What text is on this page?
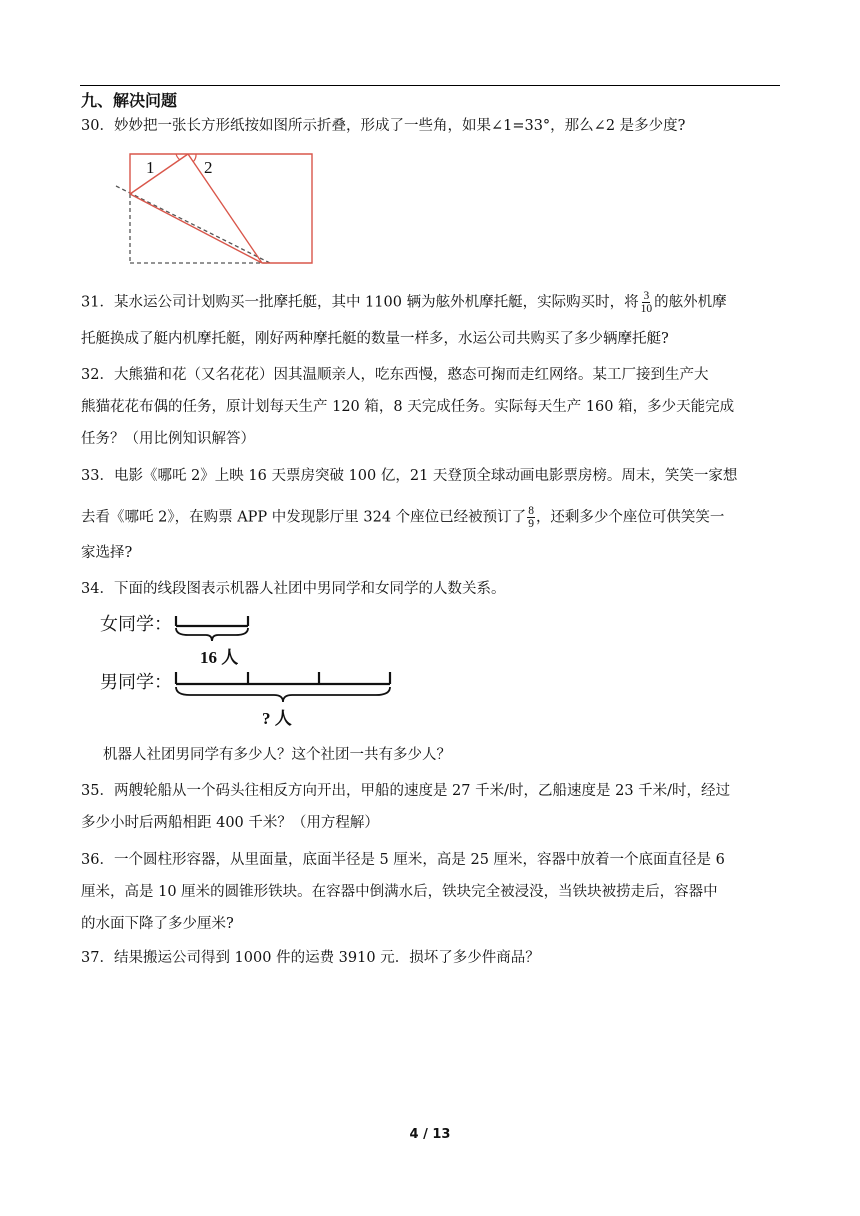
九、解决问题
30．妙妙把一张长方形纸按如图所示折叠，形成了一些角，如果∠1=33°，那么∠2 是多少度?
1	2
31．某水运公司计划购买一批摩托艇，其中 1100 辆为舷外机摩托艇，实际购买时，将 $\frac{3}{10}$ 的舷外机摩
托艇换成了艇内机摩托艇，刚好两种摩托艇的数量一样多，水运公司共购买了多少辆摩托艇?
32．大熊猫和花（又名花花）因其温顺亲人，吃东西慢，憨态可掬而走红网络。某工厂接到生产大
熊猫花花布偶的任务，原计划每天生产 120 箱，8 天完成任务。实际每天生产 160 箱，多少天能完成
任务？（用比例知识解答）
33．电影《哪吒 2》上映 16 天票房突破 100 亿，21 天登顶全球动画电影票房榜。周末，笑笑一家想
去看《哪吒 2》，在购票 APP 中发现影厅里 324 个座位已经被预订了 $\frac{8}{9}$ ，还剩多少个座位可供笑笑一
家选择?
34．下面的线段图表示机器人社团中男同学和女同学的人数关系。
女同学：
16 人
男同学：
? 人
机器人社团男同学有多少人？这个社团一共有多少人？
35．两艘轮船从一个码头往相反方向开出，甲船的速度是 27 千米/时，乙船速度是 23 千米/时，经过
多少小时后两船相距 400 千米？（用方程解）
36．一个圆柱形容器，从里面量，底面半径是 5 厘米，高是 25 厘米，容器中放着一个底面直径是 6
厘米，高是 10 厘米的圆锥形铁块。在容器中倒满水后，铁块完全被浸没，当铁块被捞走后，容器中
的水面下降了多少厘米?
37．结果搬运公司得到 1000 件的运费 3910 元．损坏了多少件商品？
4 / 13
